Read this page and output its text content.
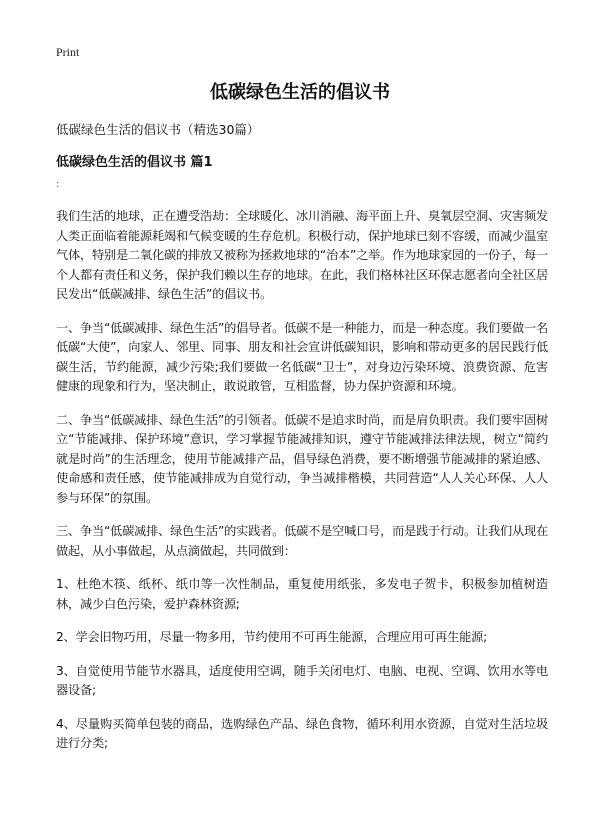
Print
低碳绿色生活的倡议书

低碳绿色生活的倡议书（精选30篇）

低碳绿色生活的倡议书 篇1
:

我们生活的地球，正在遭受浩劫：全球暖化、冰川消融、海平面上升、臭氧层空洞、灾害频发人类正面临着能源耗竭和气候变暖的生存危机。积极行动，保护地球已刻不容缓，而减少温室气体，特别是二氧化碳的排放又被称为拯救地球的“治本”之举。作为地球家园的一份子，每一个人都有责任和义务，保护我们赖以生存的地球。在此，我们格林社区环保志愿者向全社区居民发出“低碳减排、绿色生活”的倡议书。

一、争当“低碳减排、绿色生活”的倡导者。低碳不是一种能力，而是一种态度。我们要做一名低碳“大使”，向家人、邻里、同事、朋友和社会宣讲低碳知识，影响和带动更多的居民践行低碳生活，节约能源，减少污染;我们要做一名低碳“卫士”，对身边污染环境、浪费资源、危害健康的现象和行为，坚决制止，敢说敢管，互相监督，协力保护资源和环境。

二、争当“低碳减排、绿色生活”的引领者。低碳不是追求时尚，而是肩负职责。我们要牢固树立“节能减排、保护环境”意识，学习掌握节能减排知识，遵守节能减排法律法规，树立“简约就是时尚”的生活理念，使用节能减排产品，倡导绿色消费，要不断增强节能减排的紧迫感、使命感和责任感，使节能减排成为自觉行动，争当减排楷模，共同营造“人人关心环保、人人参与环保”的氛围。

三、争当“低碳减排、绿色生活”的实践者。低碳不是空喊口号，而是践于行动。让我们从现在做起，从小事做起，从点滴做起，共同做到：

1、杜绝木筷、纸杯、纸巾等一次性制品，重复使用纸张，多发电子贺卡，积极参加植树造林，减少白色污染，爱护森林资源;

2、学会旧物巧用，尽量一物多用，节约使用不可再生能源，合理应用可再生能源;

3、自觉使用节能节水器具，适度使用空调，随手关闭电灯、电脑、电视、空调、饮用水等电器设备;

4、尽量购买简单包装的商品，选购绿色产品、绿色食物，循环利用水资源，自觉对生活垃圾进行分类;
